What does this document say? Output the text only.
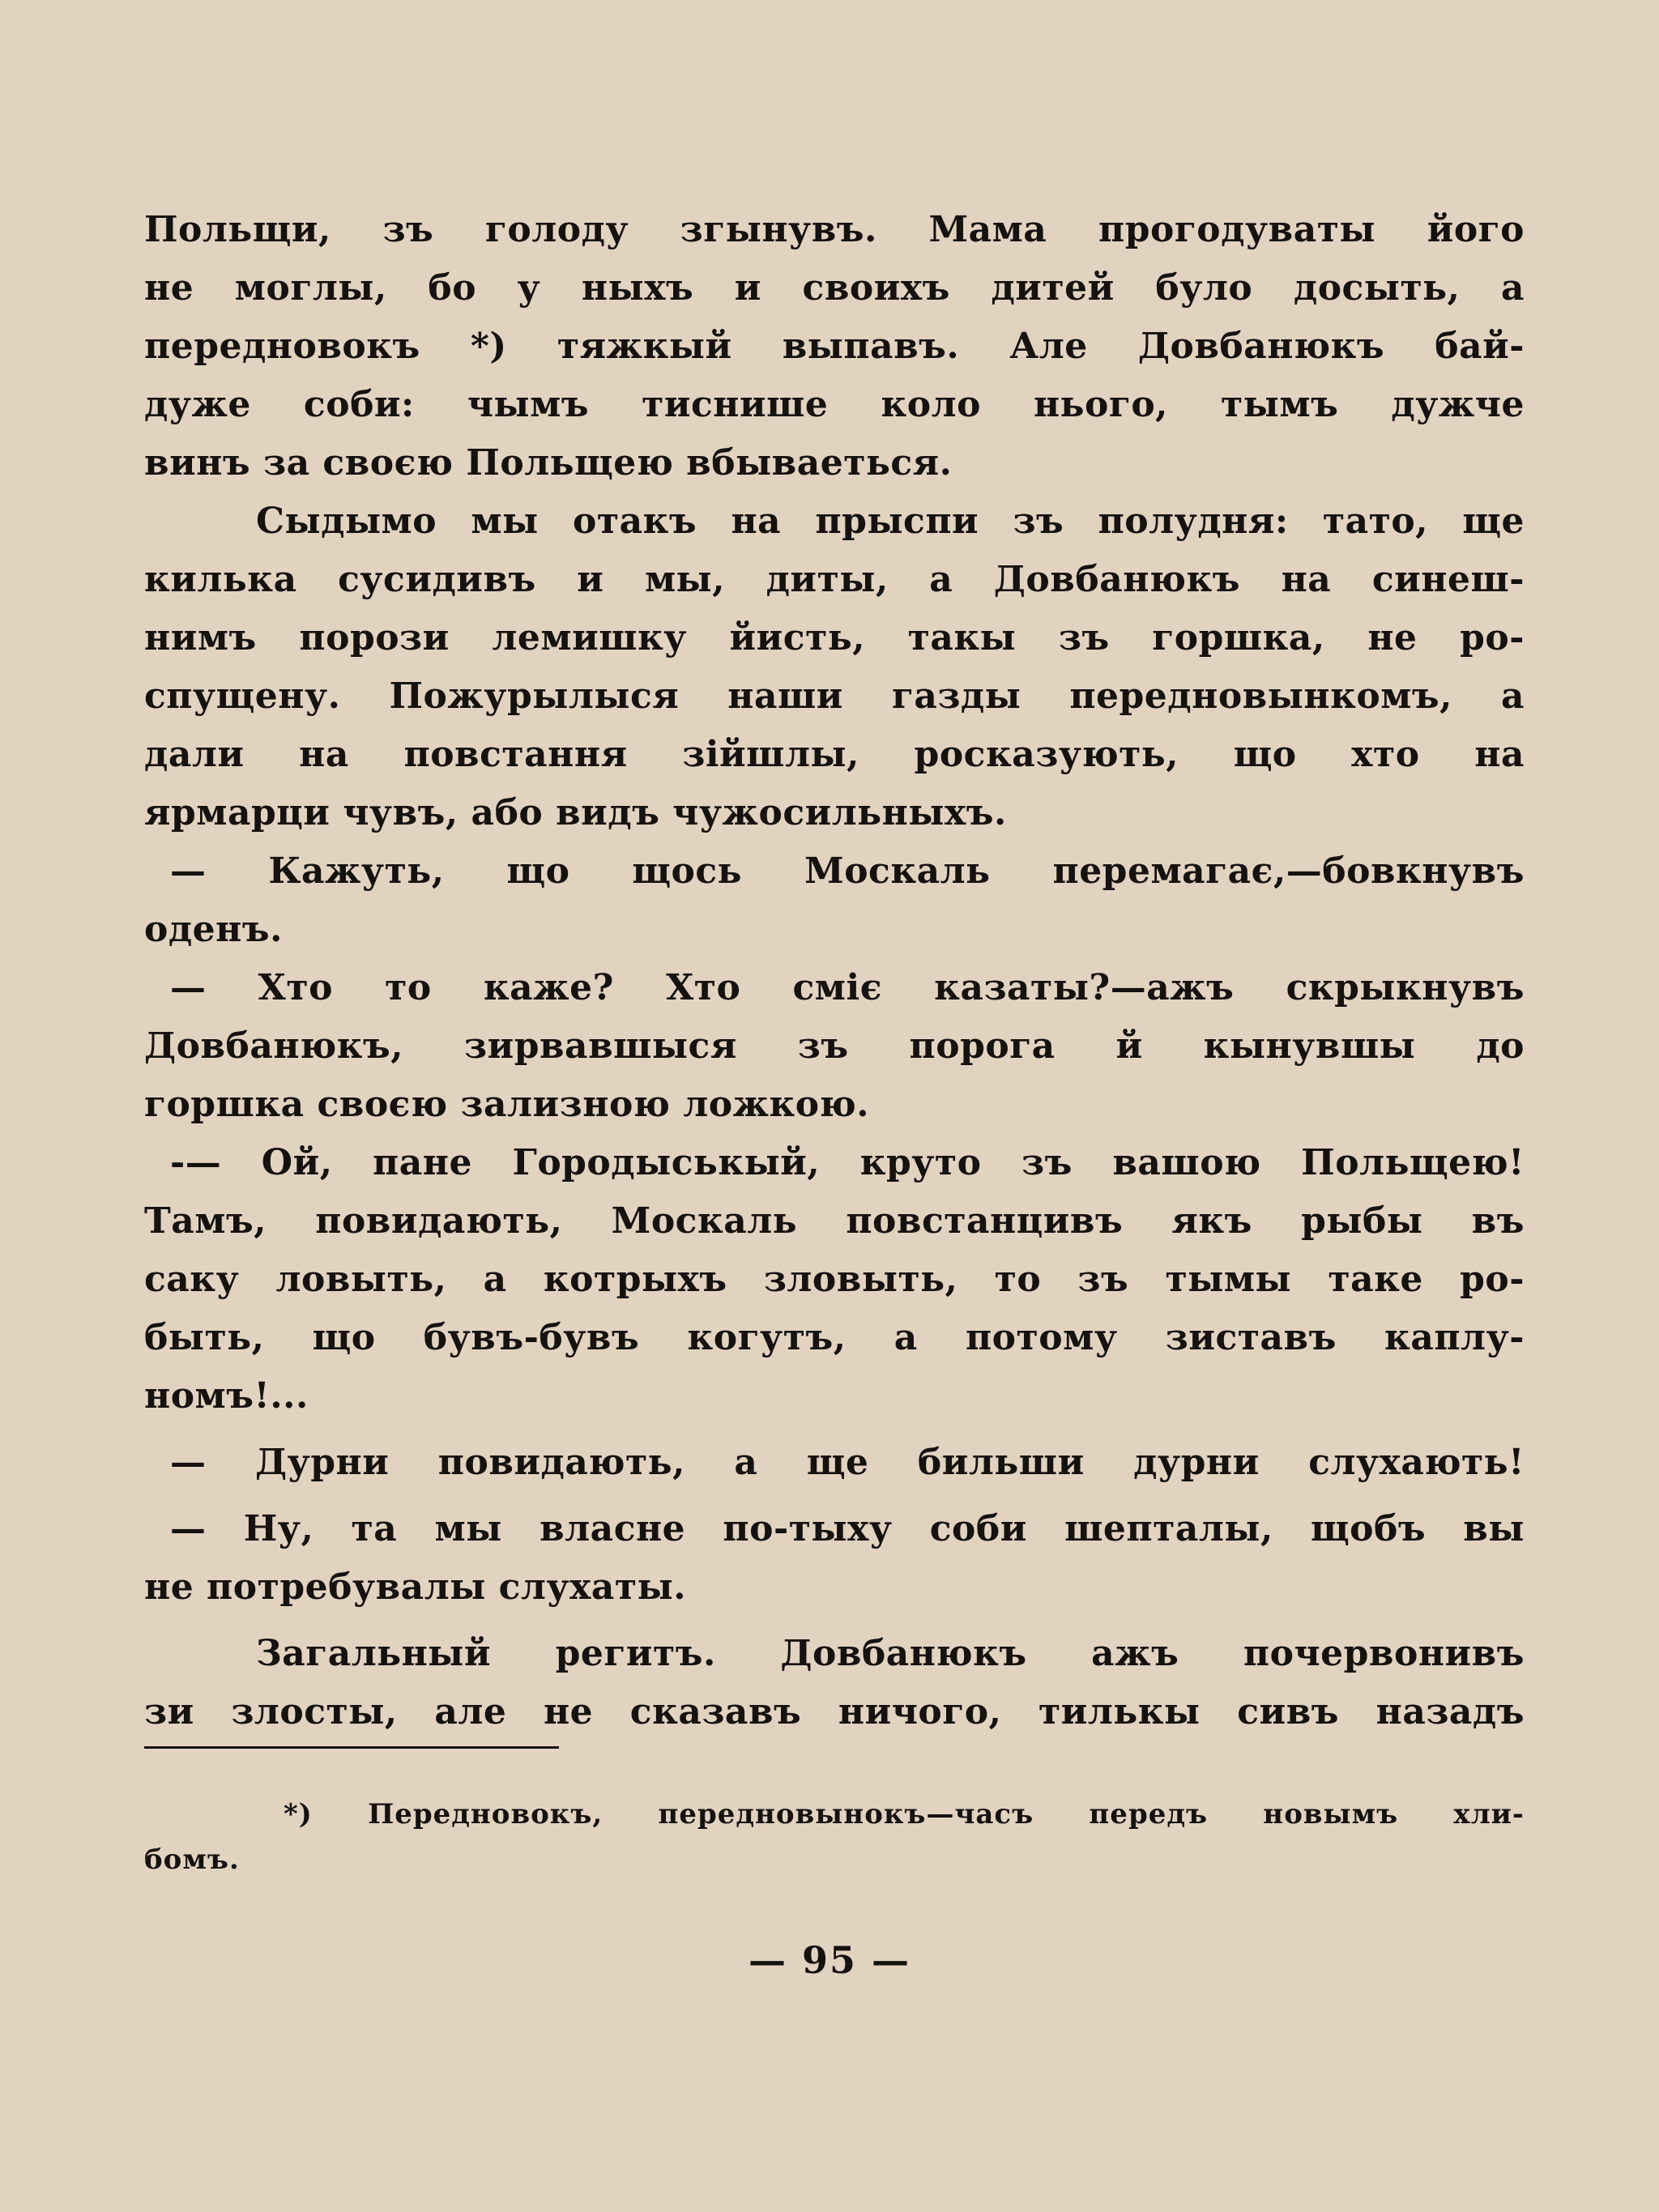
Польщи, зъ голоду згынувъ. Мама прогодуваты його
не моглы, бо у ныхъ и своихъ дитей було досыть, а
передновокъ *) тяжкый выпавъ. Але Довбанюкъ бай-
дуже соби: чымъ тиснише коло нього, тымъ дужче
винъ за своєю Польщею вбываеться.
Сыдымо мы отакъ на прыспи зъ полудня: тато, ще
килька сусидивъ и мы, диты, а Довбанюкъ на синеш-
нимъ порози лемишку йисть, такы зъ горшка, не ро-
спущену. Пожурылыся наши газды передновынкомъ, а
дали на повстання зійшлы, росказують, що хто на
ярмарци чувъ, або видъ чужосильныхъ.
— Кажуть, що щось Москаль перемагає,—бовкнувъ
оденъ.
— Хто то каже? Хто сміє казаты?—ажъ скрыкнувъ
Довбанюкъ, зирвавшыся зъ порога й кынувшы до
горшка своєю зализною ложкою.
-— Ой, пане Городыськый, круто зъ вашою Польщею!
Тамъ, повидають, Москаль повстанцивъ якъ рыбы въ
саку ловыть, а котрыхъ зловыть, то зъ тымы таке ро-
быть, що бувъ-бувъ когутъ, а потому зиставъ каплу-
номъ!...
— Дурни повидають, а ще бильши дурни слухають!
— Ну, та мы власне по-тыху соби шепталы, щобъ вы
не потребувалы слухаты.
Загальный регитъ. Довбанюкъ ажъ почервонивъ
зи злосты, але не сказавъ ничого, тилькы сивъ назадъ
*) Передновокъ, передновынокъ—часъ передъ новымъ хли-
бомъ.
— 95 —
